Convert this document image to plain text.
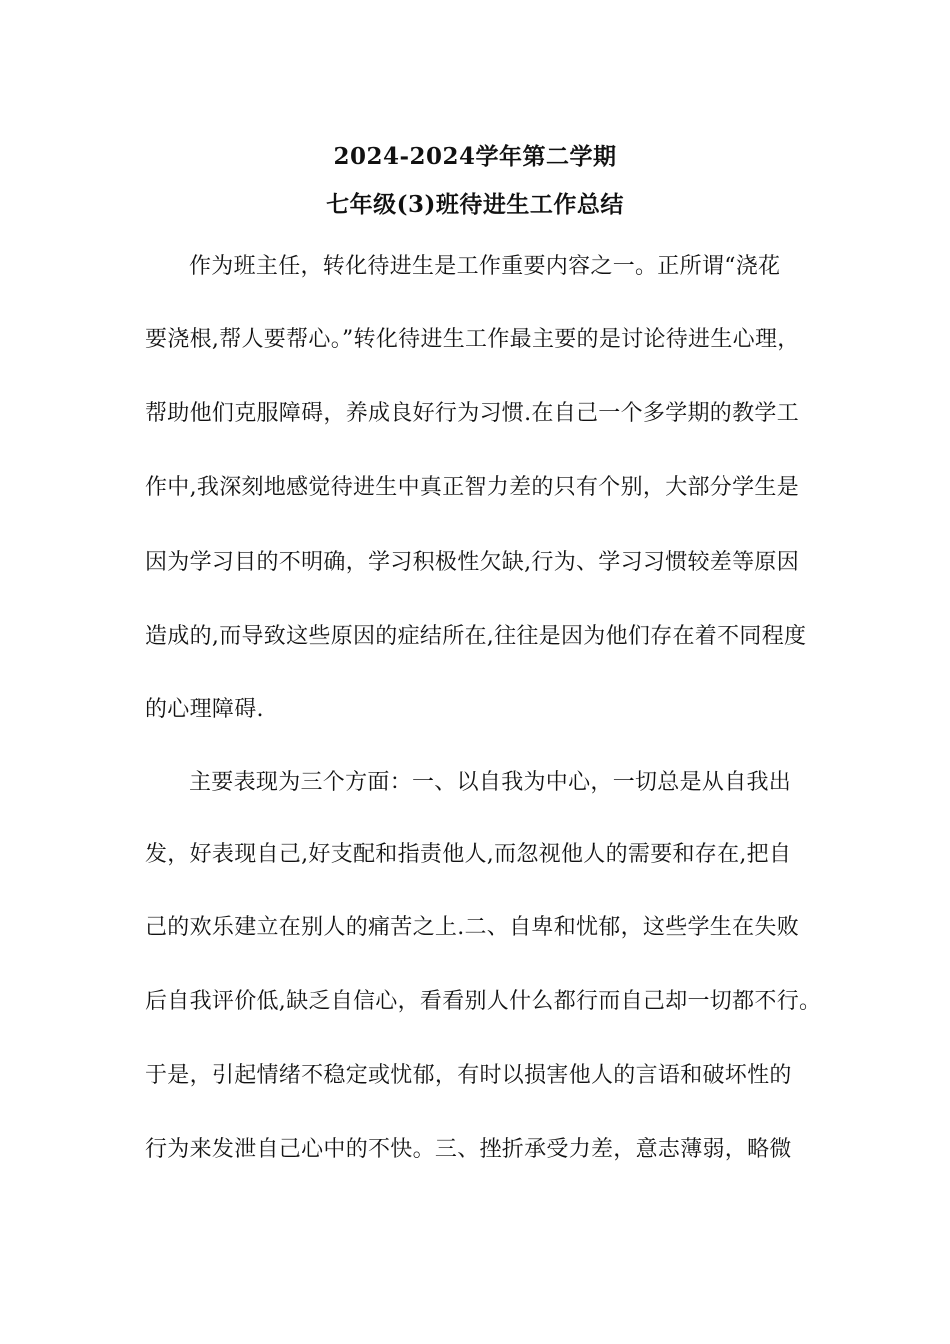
2024-2024学年第二学期
七年级(3)班待进生工作总结
作为班主任，转化待进生是工作重要内容之一。正所谓“浇花
要浇根,帮人要帮心。”转化待进生工作最主要的是讨论待进生心理，
帮助他们克服障碍，养成良好行为习惯.在自己一个多学期的教学工
作中,我深刻地感觉待进生中真正智力差的只有个别，大部分学生是
因为学习目的不明确，学习积极性欠缺,行为、学习习惯较差等原因
造成的,而导致这些原因的症结所在,往往是因为他们存在着不同程度
的心理障碍.
主要表现为三个方面：一、以自我为中心，一切总是从自我出
发，好表现自己,好支配和指责他人,而忽视他人的需要和存在,把自
己的欢乐建立在别人的痛苦之上.二、自卑和忧郁，这些学生在失败
后自我评价低,缺乏自信心，看看别人什么都行而自己却一切都不行。
于是，引起情绪不稳定或忧郁，有时以损害他人的言语和破坏性的
行为来发泄自己心中的不快。三、挫折承受力差，意志薄弱，略微
